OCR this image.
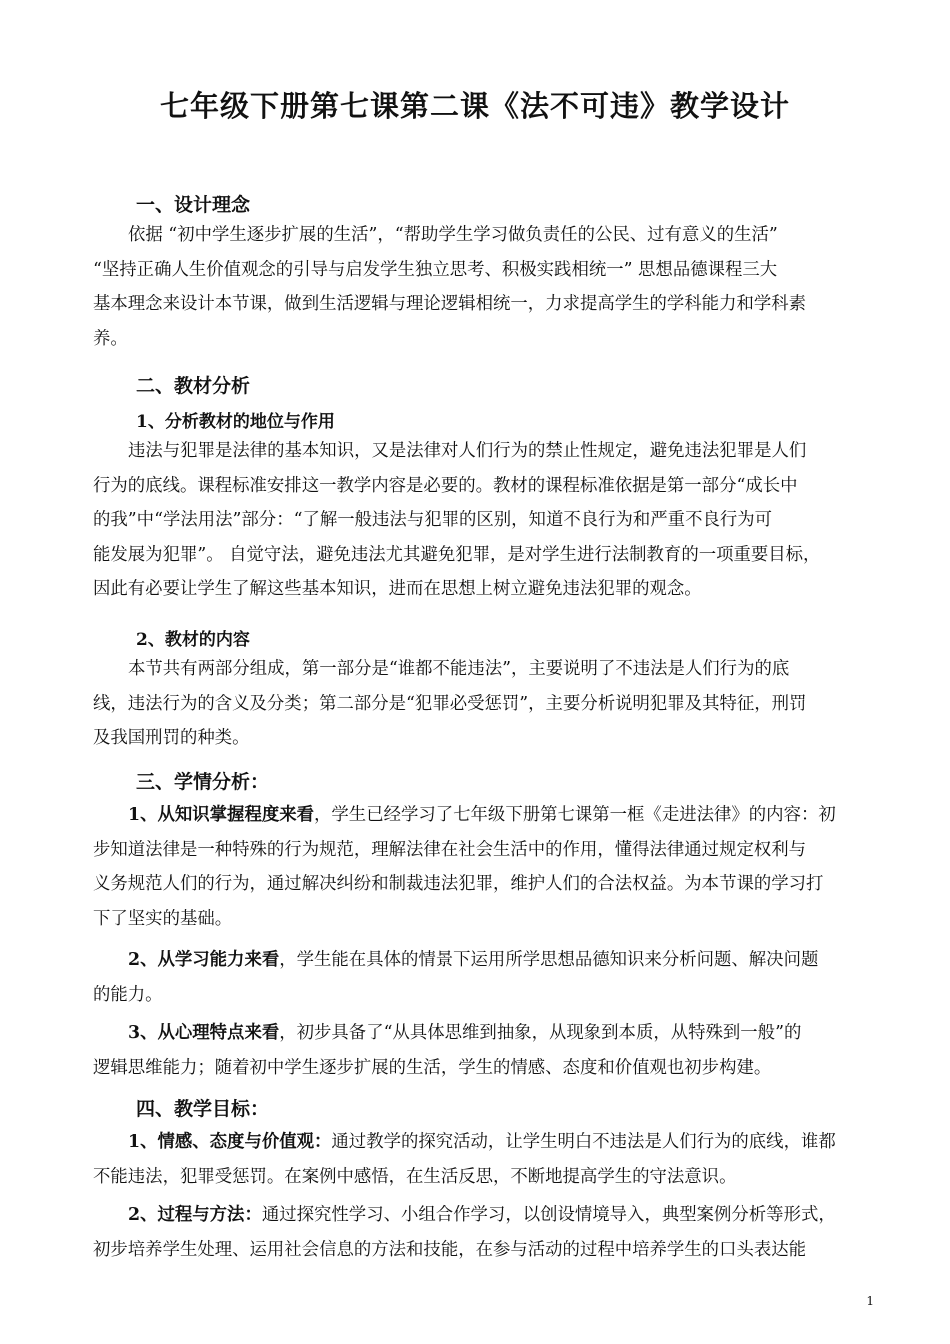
七年级下册第七课第二课《法不可违》教学设计
一、设计理念
依据 “初中学生逐步扩展的生活”，“帮助学生学习做负责任的公民、过有意义的生活”
“坚持正确人生价值观念的引导与启发学生独立思考、积极实践相统一” 思想品德课程三大
基本理念来设计本节课，做到生活逻辑与理论逻辑相统一，力求提高学生的学科能力和学科素
养。
二、教材分析
1、分析教材的地位与作用
违法与犯罪是法律的基本知识，又是法律对人们行为的禁止性规定，避免违法犯罪是人们
行为的底线。课程标准安排这一教学内容是必要的。教材的课程标准依据是第一部分“成长中
的我”中“学法用法”部分：“了解一般违法与犯罪的区别，知道不良行为和严重不良行为可
能发展为犯罪”。 自觉守法，避免违法尤其避免犯罪，是对学生进行法制教育的一项重要目标，
因此有必要让学生了解这些基本知识，进而在思想上树立避免违法犯罪的观念。
2、教材的内容
本节共有两部分组成，第一部分是“谁都不能违法”，主要说明了不违法是人们行为的底
线，违法行为的含义及分类；第二部分是“犯罪必受惩罚”，主要分析说明犯罪及其特征，刑罚
及我国刑罚的种类。
三、学情分析：
1、从知识掌握程度来看，学生已经学习了七年级下册第七课第一框《走进法律》的内容：初
步知道法律是一种特殊的行为规范，理解法律在社会生活中的作用，懂得法律通过规定权利与
义务规范人们的行为，通过解决纠纷和制裁违法犯罪，维护人们的合法权益。为本节课的学习打
下了坚实的基础。
2、从学习能力来看，学生能在具体的情景下运用所学思想品德知识来分析问题、解决问题
的能力。
3、从心理特点来看，初步具备了“从具体思维到抽象，从现象到本质，从特殊到一般”的
逻辑思维能力；随着初中学生逐步扩展的生活，学生的情感、态度和价值观也初步构建。
四、教学目标：
1、情感、态度与价值观：通过教学的探究活动，让学生明白不违法是人们行为的底线，谁都
不能违法，犯罪受惩罚。在案例中感悟，在生活反思，不断地提高学生的守法意识。
2、过程与方法：通过探究性学习、小组合作学习，以创设情境导入，典型案例分析等形式，
初步培养学生处理、运用社会信息的方法和技能，在参与活动的过程中培养学生的口头表达能
1
